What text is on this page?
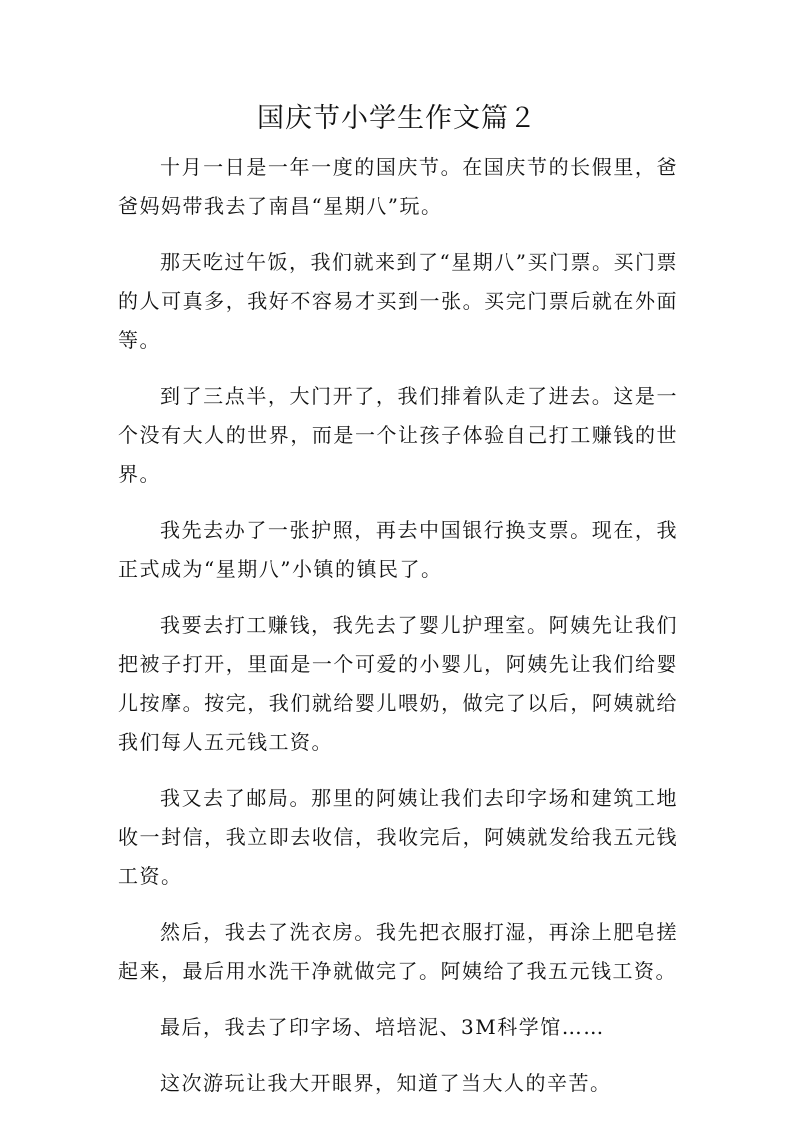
国庆节小学生作文篇２

十月一日是一年一度的国庆节。在国庆节的长假里，爸爸妈妈带我去了南昌“星期八”玩。

那天吃过午饭，我们就来到了“星期八”买门票。买门票的人可真多，我好不容易才买到一张。买完门票后就在外面等。

到了三点半，大门开了，我们排着队走了进去。这是一个没有大人的世界，而是一个让孩子体验自己打工赚钱的世界。

我先去办了一张护照，再去中国银行换支票。现在，我正式成为“星期八”小镇的镇民了。

我要去打工赚钱，我先去了婴儿护理室。阿姨先让我们把被子打开，里面是一个可爱的小婴儿，阿姨先让我们给婴儿按摩。按完，我们就给婴儿喂奶，做完了以后，阿姨就给我们每人五元钱工资。

我又去了邮局。那里的阿姨让我们去印字场和建筑工地收一封信，我立即去收信，我收完后，阿姨就发给我五元钱工资。

然后，我去了洗衣房。我先把衣服打湿，再涂上肥皂搓起来，最后用水洗干净就做完了。阿姨给了我五元钱工资。

最后，我去了印字场、培培泥、3M科学馆……

这次游玩让我大开眼界，知道了当大人的辛苦。
